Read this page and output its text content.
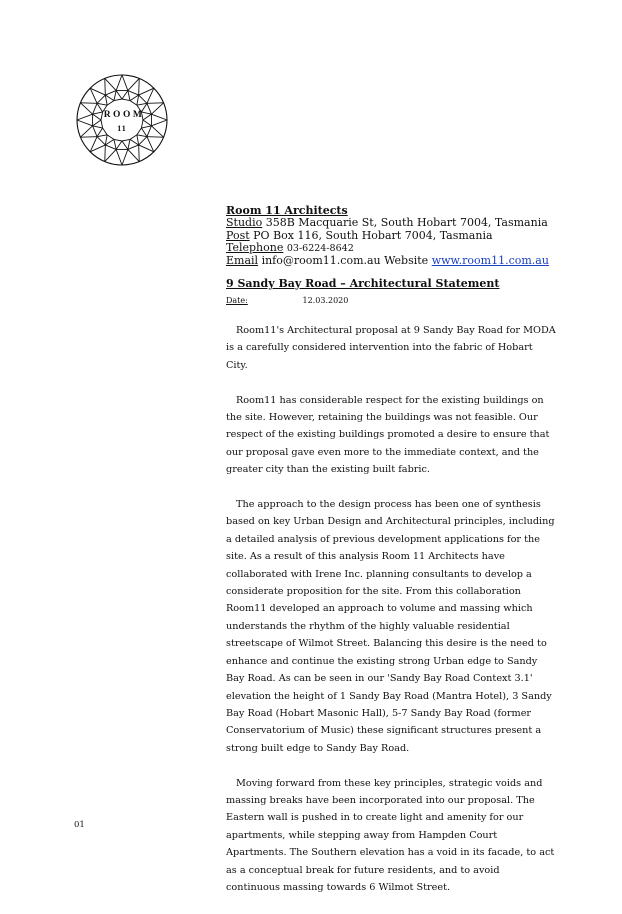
ROOM
11
Room 11 Architects
Studio 358B Macquarie St, South Hobart 7004, Tasmania
Post PO Box 116, South Hobart 7004, Tasmania
Telephone 03-6224-8642
Email info@room11.com.au Website www.room11.com.au
9 Sandy Bay Road – Architectural Statement
Date:	12.03.2020

Room11's Architectural proposal at 9 Sandy Bay Road for MODA is a carefully considered intervention into the fabric of Hobart City.

Room11 has considerable respect for the existing buildings on the site. However, retaining the buildings was not feasible. Our respect of the existing buildings promoted a desire to ensure that our proposal gave even more to the immediate context, and the greater city than the existing built fabric.

The approach to the design process has been one of synthesis based on key Urban Design and Architectural principles, including a detailed analysis of previous development applications for the site. As a result of this analysis Room 11 Architects have collaborated with Irene Inc. planning consultants to develop a considerate proposition for the site. From this collaboration Room11 developed an approach to volume and massing which understands the rhythm of the highly valuable residential streetscape of Wilmot Street. Balancing this desire is the need to enhance and continue the existing strong Urban edge to Sandy Bay Road. As can be seen in our 'Sandy Bay Road Context 3.1' elevation the height of 1 Sandy Bay Road (Mantra Hotel), 3 Sandy Bay Road (Hobart Masonic Hall), 5-7 Sandy Bay Road (former Conservatorium of Music) these significant structures present a strong built edge to Sandy Bay Road.

Moving forward from these key principles, strategic voids and massing breaks have been incorporated into our proposal. The Eastern wall is pushed in to create light and amenity for our apartments, while stepping away from Hampden Court Apartments. The Southern elevation has a void in its facade, to act as a conceptual break for future residents, and to avoid continuous massing towards 6 Wilmot Street.

01
